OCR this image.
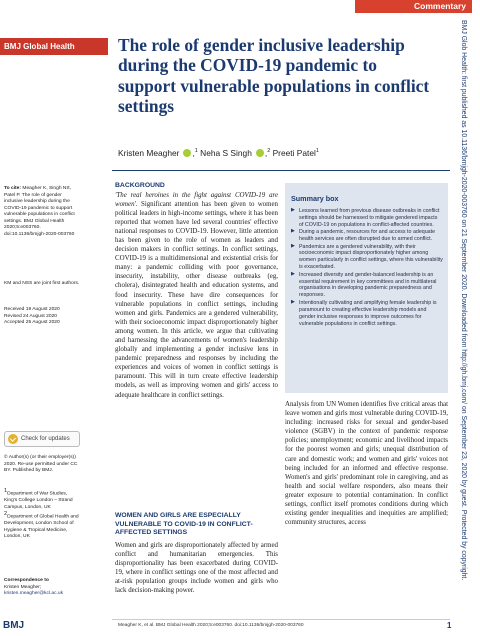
Commentary
BMJ Global Health	The role of gender inclusive leadership during the COVID-19 pandemic to support vulnerable populations in conflict settings
Kristen Meagher ,$^1$ Neha S Singh ,$^2$ Preeti Patel$^1$
To cite: Meagher K, Singh NS, Patel P. The role of gender inclusive leadership during the COVID-19 pandemic to support vulnerable populations in conflict settings. BMJ Global Health 2020;5:e003760. doi:10.1136/bmjgh-2020-003760
KM and NSS are joint first authors.
Received 19 August 2020
Revised 24 August 2020
Accepted 25 August 2020
Check for updates
© Author(s) (or their employer(s)) 2020. Re-use permitted under CC BY. Published by BMJ.
1Department of War Studies, King's College London – Strand Campus, London, UK
2Department of Global Health and Development, London School of Hygiene & Tropical Medicine, London, UK
Correspondence to
Kristen Meagher;
kristen.meagher@kcl.ac.uk
BACKGROUND

'The real heroines in the fight against COVID-19 are women'. Significant attention has been given to women political leaders in high-income settings, where it has been reported that women have led several countries' effective national responses to COVID-19. However, little attention has been given to the role of women as leaders and decision makers in conflict settings. In conflict settings, COVID-19 is a multidimensional and existential crisis for many: a pandemic colliding with poor governance, insecurity, instability, other disease outbreaks (eg, cholera), disintegrated health and education systems, and food insecurity. These have dire consequences for vulnerable populations in conflict settings, including women and girls. Pandemics are a gendered vulnerability, with their socioeconomic impact disproportionately higher among women. In this article, we argue that cultivating and harnessing the advancements of women's leadership globally and implementing a gender inclusive lens in pandemic preparedness and responses by including the experiences and voices of women in conflict settings is paramount. This will in turn create effective leadership models, as well as improving women and girls' access to adequate healthcare in conflict settings.

WOMEN AND GIRLS ARE ESPECIALLY VULNERABLE TO COVID-19 IN CONFLICT-AFFECTED SETTINGS

Women and girls are disproportionately affected by armed conflict and humanitarian emergencies. This disproportionality has been exacerbated during COVID-19, where in conflict settings one of the most affected and at-risk population groups include women and girls who lack decision-making power.

Summary box
▶ Lessons learned from previous disease outbreaks in conflict settings should be harnessed to mitigate gendered impacts of COVID-19 on populations in conflict-affected countries.
▶ During a pandemic, resources for and access to adequate health services are often disrupted due to armed conflict.
▶ Pandemics are a gendered vulnerability, with their socioeconomic impact disproportionately higher among women particularly in conflict settings, where this vulnerability is exacerbated.
▶ Increased diversity and gender-balanced leadership is an essential requirement in key committees and in multilateral organisations in developing pandemic preparedness and responses.
▶ Intentionally cultivating and amplifying female leadership is paramount to creating effective leadership models and gender inclusive responses to improve outcomes for vulnerable populations in conflict settings.

Analysis from UN Women identifies five critical areas that leave women and girls most vulnerable during COVID-19, including: increased risks for sexual and gender-based violence (SGBV) in the context of pandemic response policies; unemployment; economic and livelihood impacts for the poorest women and girls; unequal distribution of care and domestic work; and women and girls' voices not being included for an informed and effective response. Women's and girls' predominant role in caregiving, and as health and social welfare responders, also means their greater exposure to potential contamination. In conflict settings, conflict itself promotes conditions during which existing gender inequalities and inequities are amplified; community structures, access	BMJ Glob Health: first published as 10.1136/bmjgh-2020-003760 on 21 September 2020. Downloaded from http://gh.bmj.com/ on September 23, 2020 by guest. Protected by copyright.
BMJ	Meagher K, et al. BMJ Global Health 2020;5:e003760. doi:10.1136/bmjgh-2020-003760	1
